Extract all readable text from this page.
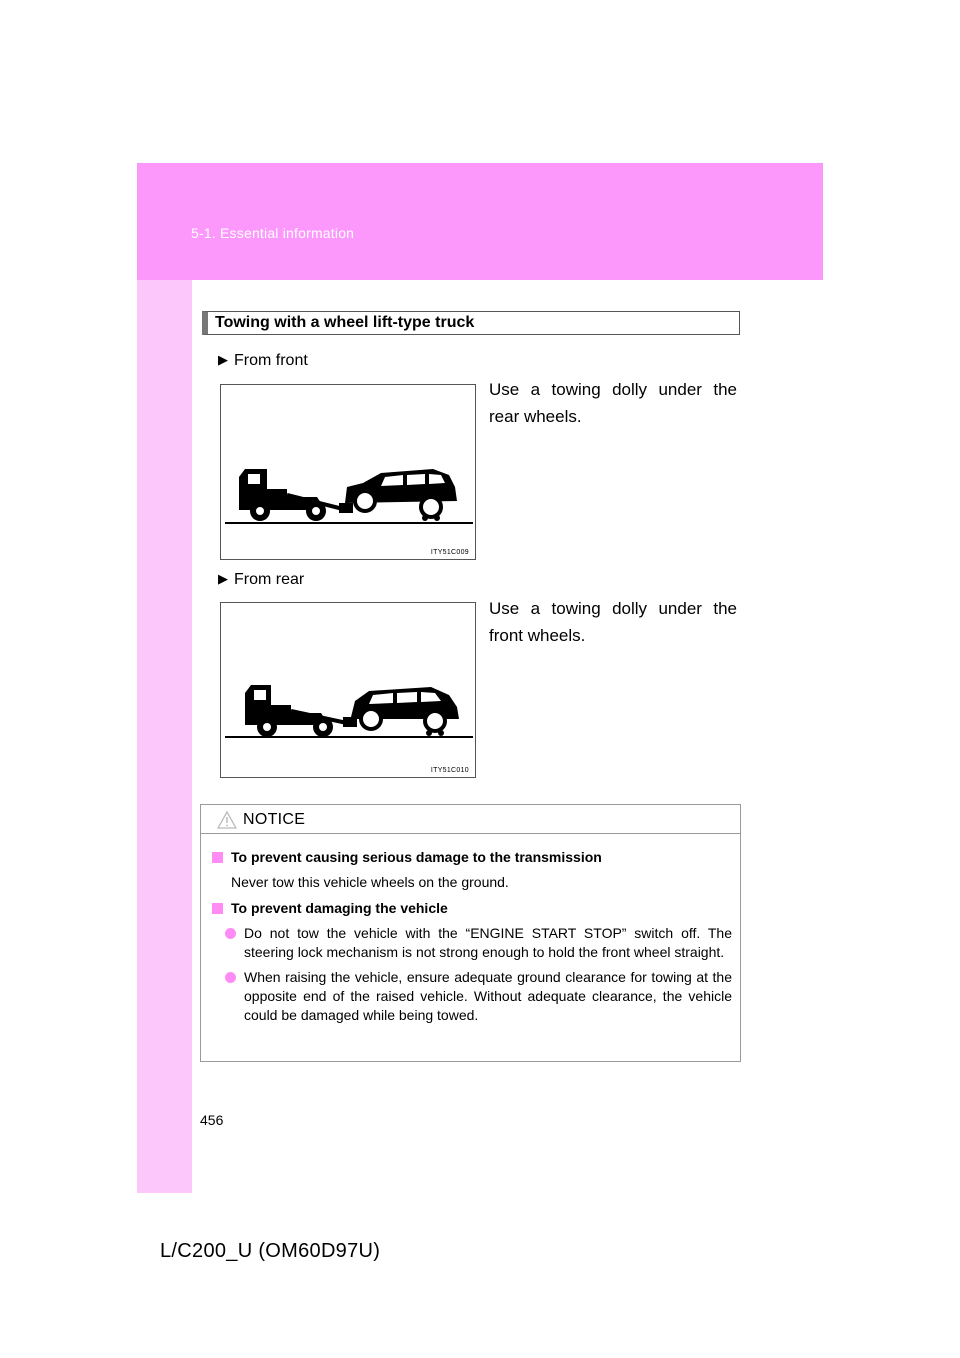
5-1. Essential information
Towing with a wheel lift-type truck
▶ From front
Use a towing dolly under the rear wheels.
ITY51C009
▶ From rear
Use a towing dolly under the front wheels.
ITY51C010
NOTICE
To prevent causing serious damage to the transmission
Never tow this vehicle wheels on the ground.
To prevent damaging the vehicle
Do not tow the vehicle with the “ENGINE START STOP” switch off. The steering lock mechanism is not strong enough to hold the front wheel straight.
When raising the vehicle, ensure adequate ground clearance for towing at the opposite end of the raised vehicle. Without adequate clearance, the vehicle could be damaged while being towed.
456
L/C200_U (OM60D97U)
